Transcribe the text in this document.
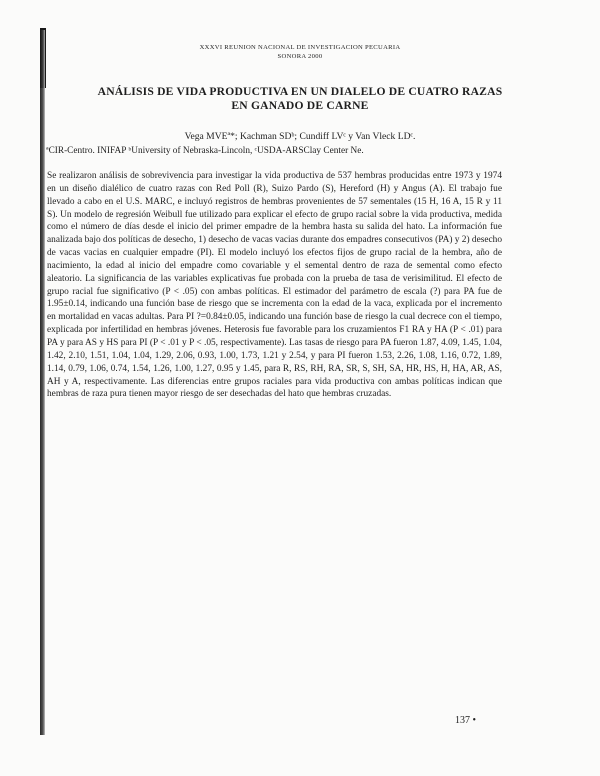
XXXVI REUNION NACIONAL DE INVESTIGACION PECUARIA
SONORA 2000
ANÁLISIS DE VIDA PRODUCTIVA EN UN DIALELO DE CUATRO RAZAS
EN GANADO DE CARNE
Vega MVEª*; Kachman SDᵇ; Cundiff LVᶜ y Van Vleck LDᶜ.
ªCIR-Centro. INIFAP ᵇUniversity of Nebraska-Lincoln, ᶜUSDA-ARSClay Center Ne.
Se realizaron análisis de sobrevivencia para investigar la vida productiva de 537 hembras producidas entre 1973 y 1974 en un diseño dialélico de cuatro razas con Red Poll (R), Suizo Pardo (S), Hereford (H) y Angus (A). El trabajo fue llevado a cabo en el U.S. MARC, e incluyó registros de hembras provenientes de 57 sementales (15 H, 16 A, 15 R y 11 S). Un modelo de regresión Weibull fue utilizado para explicar el efecto de grupo racial sobre la vida productiva, medida como el número de días desde el inicio del primer empadre de la hembra hasta su salida del hato. La información fue analizada bajo dos políticas de desecho, 1) desecho de vacas vacias durante dos empadres consecutivos (PA) y 2) desecho de vacas vacias en cualquier empadre (PI). El modelo incluyó los efectos fijos de grupo racial de la hembra, año de nacimiento, la edad al inicio del empadre como covariable y el semental dentro de raza de semental como efecto aleatorio. La significancia de las variables explicativas fue probada con la prueba de tasa de verisimilitud. El efecto de grupo racial fue significativo (P < .05) con ambas políticas. El estimador del parámetro de escala (?) para PA fue de 1.95±0.14, indicando una función base de riesgo que se incrementa con la edad de la vaca, explicada por el incremento en mortalidad en vacas adultas. Para PI ?=0.84±0.05, indicando una función base de riesgo la cual decrece con el tiempo, explicada por infertilidad en hembras jóvenes. Heterosis fue favorable para los cruzamientos F1 RA y HA (P < .01) para PA y para AS y HS para PI (P < .01 y P < .05, respectivamente). Las tasas de riesgo para PA fueron 1.87, 4.09, 1.45, 1.04, 1.42, 2.10, 1.51, 1.04, 1.04, 1.29, 2.06, 0.93, 1.00, 1.73, 1.21 y 2.54, y para PI fueron 1.53, 2.26, 1.08, 1.16, 0.72, 1.89, 1.14, 0.79, 1.06, 0.74, 1.54, 1.26, 1.00, 1.27, 0.95 y 1.45, para R, RS, RH, RA, SR, S, SH, SA, HR, HS, H, HA, AR, AS, AH y A, respectivamente. Las diferencias entre grupos raciales para vida productiva con ambas políticas indican que hembras de raza pura tienen mayor riesgo de ser desechadas del hato que hembras cruzadas.
137 •
